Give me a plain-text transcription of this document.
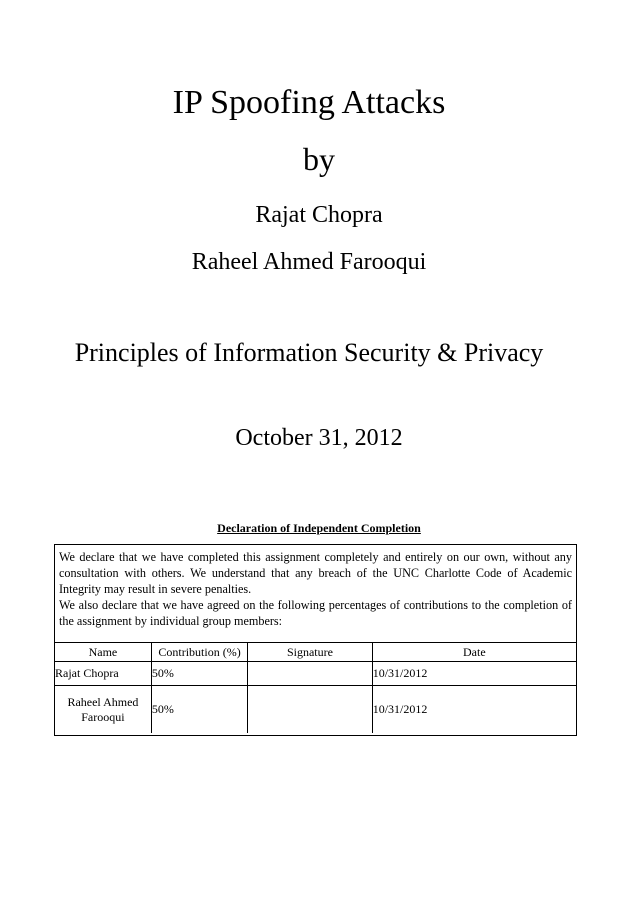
IP Spoofing Attacks
by
Rajat Chopra
Raheel Ahmed Farooqui
Principles of Information Security & Privacy
October 31, 2012
Declaration of Independent Completion

We declare that we have completed this assignment completely and entirely on our own, without any consultation with others. We understand that any breach of the UNC Charlotte Code of Academic Integrity may result in severe penalties.

We also declare that we have agreed on the following percentages of contributions to the completion of the assignment by individual group members:

Name	Contribution (%)	Signature	Date
Rajat Chopra	50%		10/31/2012
Raheel Ahmed
Farooqui	50%		10/31/2012
